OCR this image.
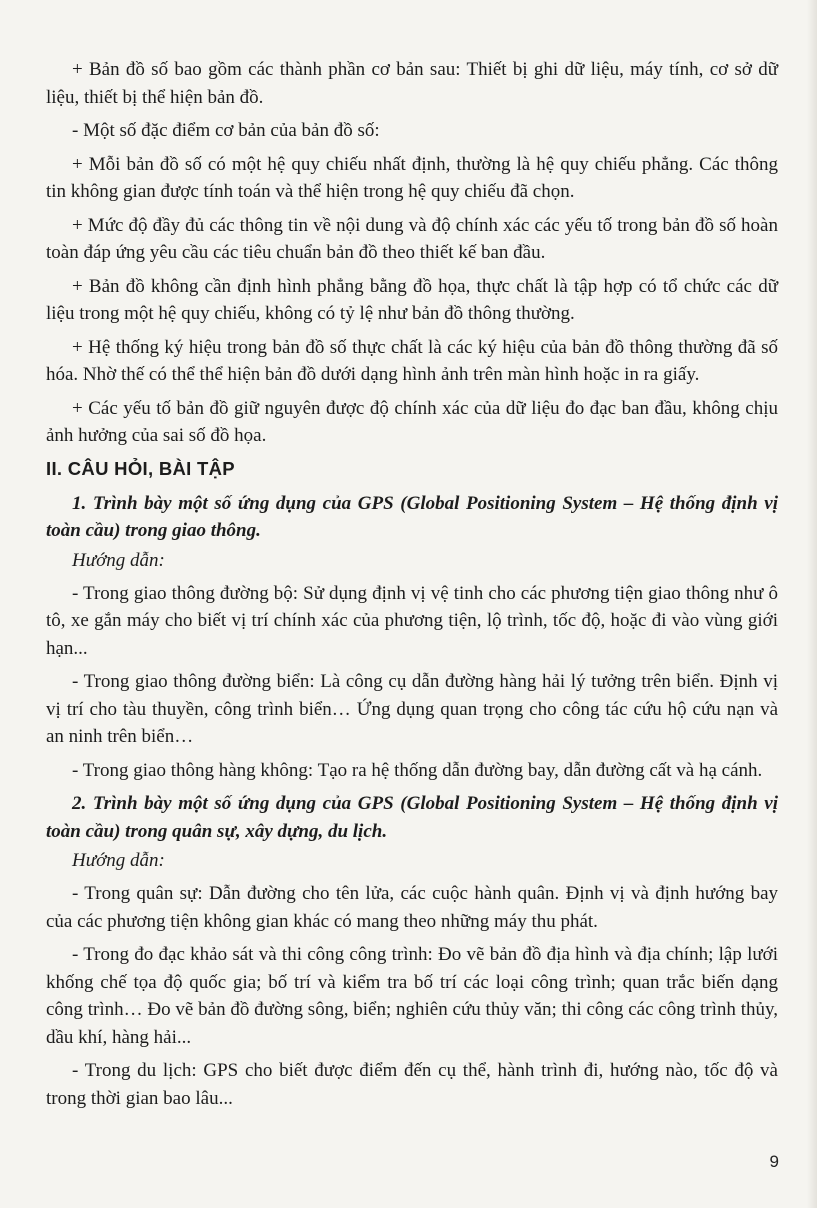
+ Bản đồ số bao gồm các thành phần cơ bản sau: Thiết bị ghi dữ liệu, máy tính, cơ sở dữ liệu, thiết bị thể hiện bản đồ.

- Một số đặc điểm cơ bản của bản đồ số:

+ Mỗi bản đồ số có một hệ quy chiếu nhất định, thường là hệ quy chiếu phẳng. Các thông tin không gian được tính toán và thể hiện trong hệ quy chiếu đã chọn.

+ Mức độ đầy đủ các thông tin về nội dung và độ chính xác các yếu tố trong bản đồ số hoàn toàn đáp ứng yêu cầu các tiêu chuẩn bản đồ theo thiết kế ban đầu.

+ Bản đồ không cần định hình phẳng bằng đồ họa, thực chất là tập hợp có tổ chức các dữ liệu trong một hệ quy chiếu, không có tỷ lệ như bản đồ thông thường.

+ Hệ thống ký hiệu trong bản đồ số thực chất là các ký hiệu của bản đồ thông thường đã số hóa. Nhờ thế có thể thể hiện bản đồ dưới dạng hình ảnh trên màn hình hoặc in ra giấy.

+ Các yếu tố bản đồ giữ nguyên được độ chính xác của dữ liệu đo đạc ban đầu, không chịu ảnh hưởng của sai số đồ họa.

II. CÂU HỎI, BÀI TẬP

1. Trình bày một số ứng dụng của GPS (Global Positioning System – Hệ thống định vị toàn cầu) trong giao thông.

Hướng dẫn:

- Trong giao thông đường bộ: Sử dụng định vị vệ tinh cho các phương tiện giao thông như ô tô, xe gắn máy cho biết vị trí chính xác của phương tiện, lộ trình, tốc độ, hoặc đi vào vùng giới hạn...

- Trong giao thông đường biển: Là công cụ dẫn đường hàng hải lý tưởng trên biển. Định vị vị trí cho tàu thuyền, công trình biển… Ứng dụng quan trọng cho công tác cứu hộ cứu nạn và an ninh trên biển…

- Trong giao thông hàng không: Tạo ra hệ thống dẫn đường bay, dẫn đường cất và hạ cánh.

2. Trình bày một số ứng dụng của GPS (Global Positioning System – Hệ thống định vị toàn cầu) trong quân sự, xây dựng, du lịch.

Hướng dẫn:

- Trong quân sự: Dẫn đường cho tên lửa, các cuộc hành quân. Định vị và định hướng bay của các phương tiện không gian khác có mang theo những máy thu phát.

- Trong đo đạc khảo sát và thi công công trình: Đo vẽ bản đồ địa hình và địa chính; lập lưới khống chế tọa độ quốc gia; bố trí và kiểm tra bố trí các loại công trình; quan trắc biến dạng công trình… Đo vẽ bản đồ đường sông, biển; nghiên cứu thủy văn; thi công các công trình thủy, dầu khí, hàng hải...

- Trong du lịch: GPS cho biết được điểm đến cụ thể, hành trình đi, hướng nào, tốc độ và trong thời gian bao lâu...

9
